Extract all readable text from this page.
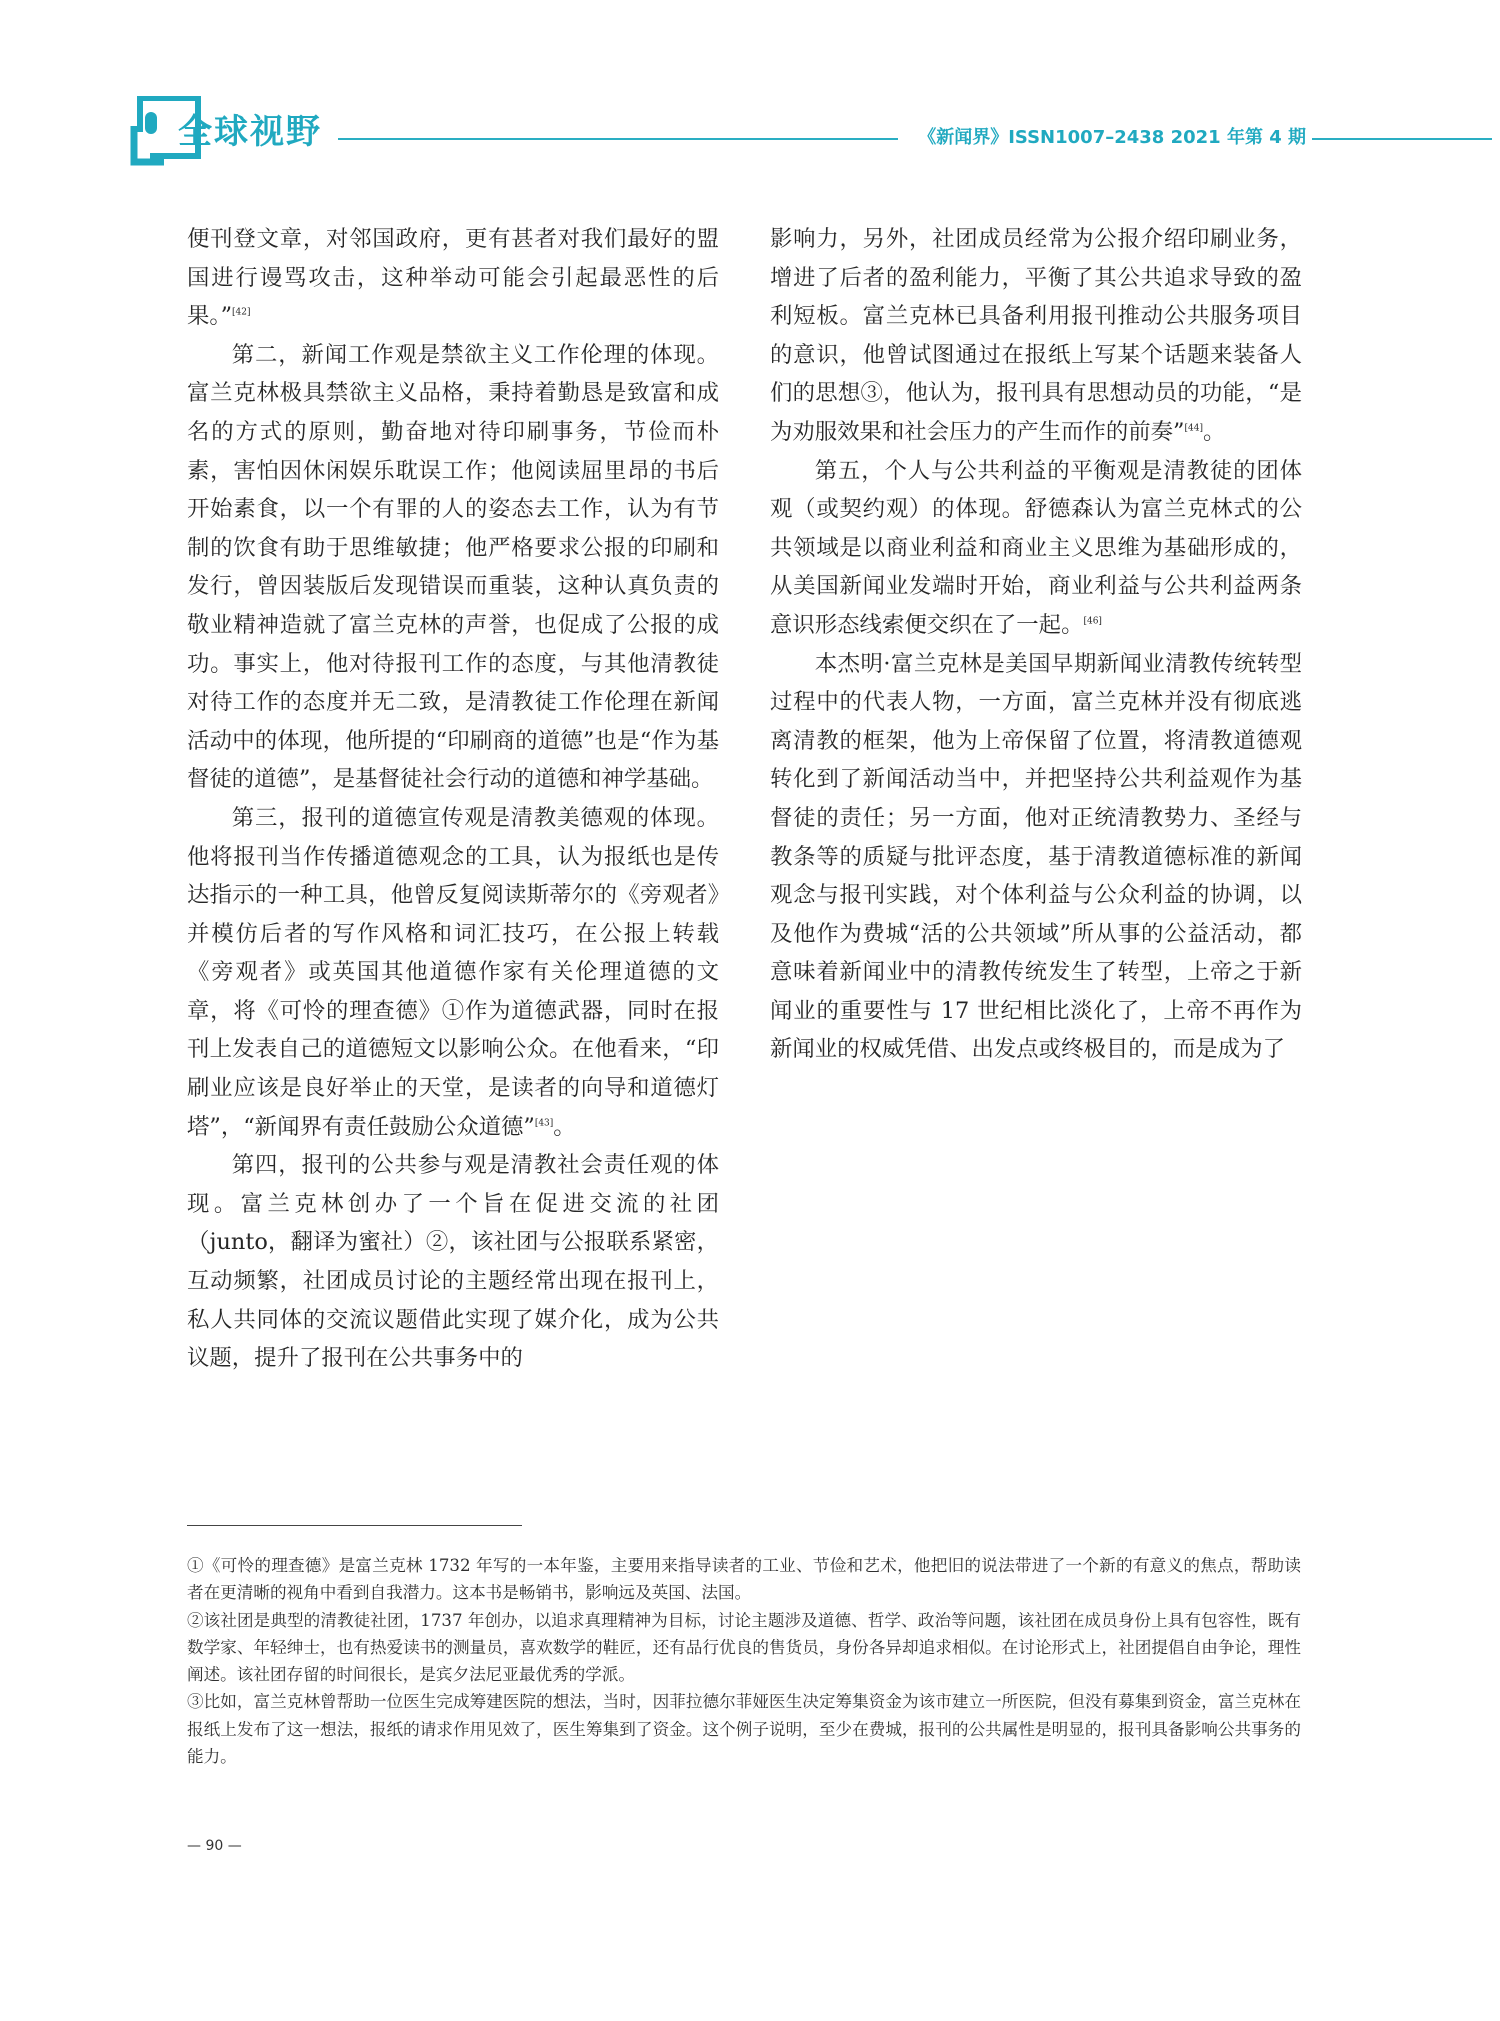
全球视野	《新闻界》ISSN1007–2438 2021 年第 4 期

便刊登文章，对邻国政府，更有甚者对我们最好的盟国进行谩骂攻击，这种举动可能会引起最恶性的后果。”[42]

第二，新闻工作观是禁欲主义工作伦理的体现。富兰克林极具禁欲主义品格，秉持着勤恳是致富和成名的方式的原则，勤奋地对待印刷事务，节俭而朴素，害怕因休闲娱乐耽误工作；他阅读屈里昂的书后开始素食，以一个有罪的人的姿态去工作，认为有节制的饮食有助于思维敏捷；他严格要求公报的印刷和发行，曾因装版后发现错误而重装，这种认真负责的敬业精神造就了富兰克林的声誉，也促成了公报的成功。事实上，他对待报刊工作的态度，与其他清教徒对待工作的态度并无二致，是清教徒工作伦理在新闻活动中的体现，他所提的“印刷商的道德”也是“作为基督徒的道德”，是基督徒社会行动的道德和神学基础。

第三，报刊的道德宣传观是清教美德观的体现。他将报刊当作传播道德观念的工具，认为报纸也是传达指示的一种工具，他曾反复阅读斯蒂尔的《旁观者》并模仿后者的写作风格和词汇技巧，在公报上转载《旁观者》或英国其他道德作家有关伦理道德的文章，将《可怜的理查德》①作为道德武器，同时在报刊上发表自己的道德短文以影响公众。在他看来，“印刷业应该是良好举止的天堂，是读者的向导和道德灯塔”，“新闻界有责任鼓励公众道德”[43]。

第四，报刊的公共参与观是清教社会责任观的体现。富兰克林创办了一个旨在促进交流的社团（junto，翻译为蜜社）②，该社团与公报联系紧密，互动频繁，社团成员讨论的主题经常出现在报刊上，私人共同体的交流议题借此实现了媒介化，成为公共议题，提升了报刊在公共事务中的

影响力，另外，社团成员经常为公报介绍印刷业务，增进了后者的盈利能力，平衡了其公共追求导致的盈利短板。富兰克林已具备利用报刊推动公共服务项目的意识，他曾试图通过在报纸上写某个话题来装备人们的思想③，他认为，报刊具有思想动员的功能，“是为劝服效果和社会压力的产生而作的前奏”[44]。

第五，个人与公共利益的平衡观是清教徒的团体观（或契约观）的体现。舒德森认为富兰克林式的公共领域是以商业利益和商业主义思维为基础形成的，从美国新闻业发端时开始，商业利益与公共利益两条意识形态线索便交织在了一起。[46]

本杰明·富兰克林是美国早期新闻业清教传统转型过程中的代表人物，一方面，富兰克林并没有彻底逃离清教的框架，他为上帝保留了位置，将清教道德观转化到了新闻活动当中，并把坚持公共利益观作为基督徒的责任；另一方面，他对正统清教势力、圣经与教条等的质疑与批评态度，基于清教道德标准的新闻观念与报刊实践，对个体利益与公众利益的协调，以及他作为费城“活的公共领域”所从事的公益活动，都意味着新闻业中的清教传统发生了转型，上帝之于新闻业的重要性与 17 世纪相比淡化了，上帝不再作为新闻业的权威凭借、出发点或终极目的，而是成为了

①《可怜的理查德》是富兰克林 1732 年写的一本年鉴，主要用来指导读者的工业、节俭和艺术，他把旧的说法带进了一个新的有意义的焦点，帮助读者在更清晰的视角中看到自我潜力。这本书是畅销书，影响远及英国、法国。

②该社团是典型的清教徒社团，1737 年创办，以追求真理精神为目标，讨论主题涉及道德、哲学、政治等问题，该社团在成员身份上具有包容性，既有数学家、年轻绅士，也有热爱读书的测量员，喜欢数学的鞋匠，还有品行优良的售货员，身份各异却追求相似。在讨论形式上，社团提倡自由争论，理性阐述。该社团存留的时间很长，是宾夕法尼亚最优秀的学派。

③比如，富兰克林曾帮助一位医生完成筹建医院的想法，当时，因菲拉德尔菲娅医生决定筹集资金为该市建立一所医院，但没有募集到资金，富兰克林在报纸上发布了这一想法，报纸的请求作用见效了，医生筹集到了资金。这个例子说明，至少在费城，报刊的公共属性是明显的，报刊具备影响公共事务的能力。

— 90 —
